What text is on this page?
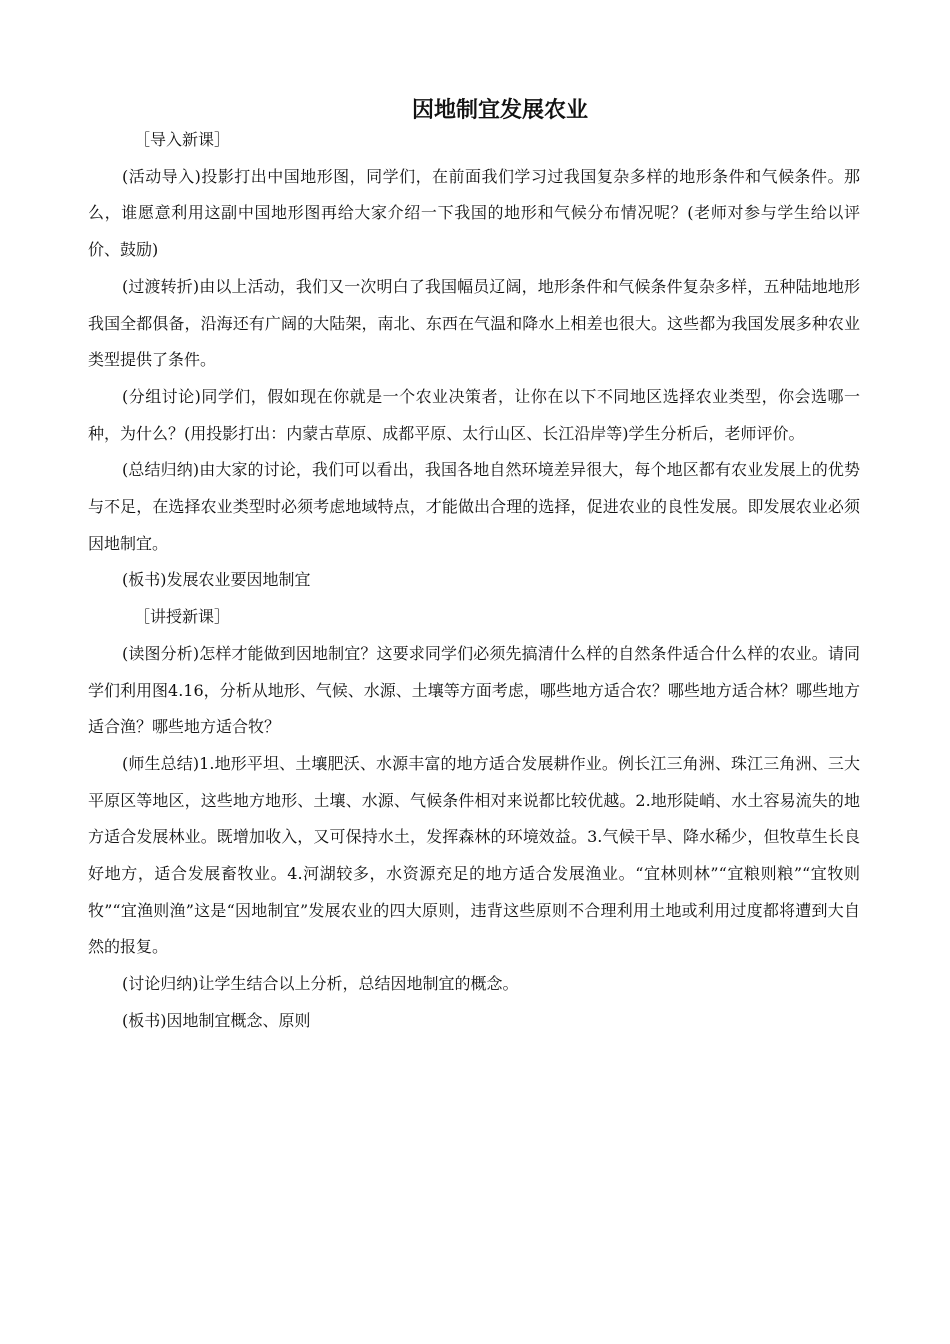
因地制宜发展农业

［导入新课］

(活动导入)投影打出中国地形图，同学们，在前面我们学习过我国复杂多样的地形条件和气候条件。那么，谁愿意利用这副中国地形图再给大家介绍一下我国的地形和气候分布情况呢？(老师对参与学生给以评价、鼓励)

(过渡转折)由以上活动，我们又一次明白了我国幅员辽阔，地形条件和气候条件复杂多样，五种陆地地形我国全都俱备，沿海还有广阔的大陆架，南北、东西在气温和降水上相差也很大。这些都为我国发展多种农业类型提供了条件。

(分组讨论)同学们，假如现在你就是一个农业决策者，让你在以下不同地区选择农业类型，你会选哪一种，为什么？(用投影打出：内蒙古草原、成都平原、太行山区、长江沿岸等)学生分析后，老师评价。

(总结归纳)由大家的讨论，我们可以看出，我国各地自然环境差异很大，每个地区都有农业发展上的优势与不足，在选择农业类型时必须考虑地域特点，才能做出合理的选择，促进农业的良性发展。即发展农业必须因地制宜。

(板书)发展农业要因地制宜

［讲授新课］

(读图分析)怎样才能做到因地制宜？这要求同学们必须先搞清什么样的自然条件适合什么样的农业。请同学们利用图4.16，分析从地形、气候、水源、土壤等方面考虑，哪些地方适合农？哪些地方适合林？哪些地方适合渔？哪些地方适合牧？

(师生总结)1.地形平坦、土壤肥沃、水源丰富的地方适合发展耕作业。例长江三角洲、珠江三角洲、三大平原区等地区，这些地方地形、土壤、水源、气候条件相对来说都比较优越。2.地形陡峭、水土容易流失的地方适合发展林业。既增加收入，又可保持水土，发挥森林的环境效益。3.气候干旱、降水稀少，但牧草生长良好地方，适合发展畜牧业。4.河湖较多，水资源充足的地方适合发展渔业。“宜林则林”“宜粮则粮”“宜牧则牧”“宜渔则渔”这是“因地制宜”发展农业的四大原则，违背这些原则不合理利用土地或利用过度都将遭到大自然的报复。

(讨论归纳)让学生结合以上分析，总结因地制宜的概念。

(板书)因地制宜概念、原则
